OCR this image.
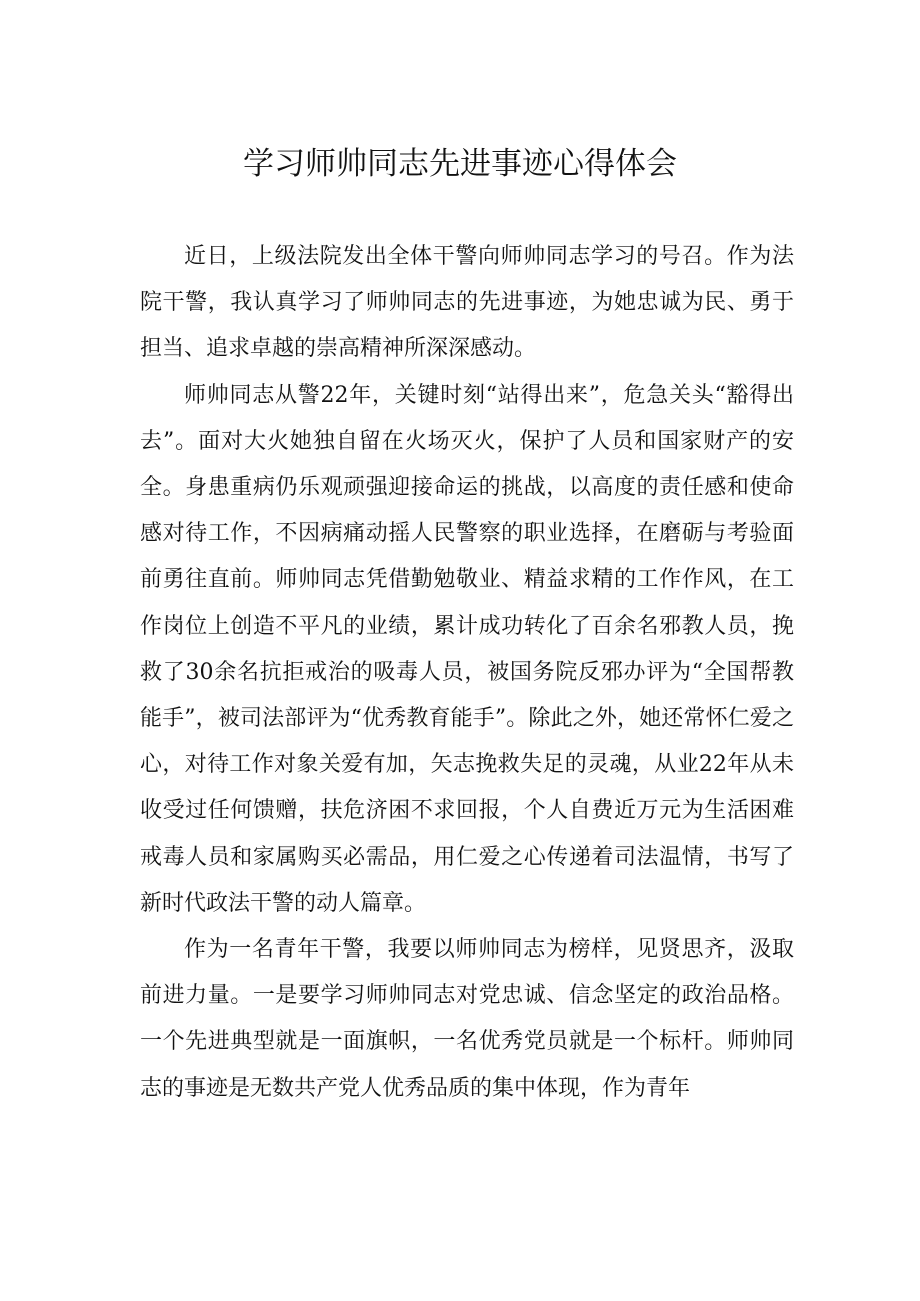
学习师帅同志先进事迹心得体会

近日，上级法院发出全体干警向师帅同志学习的号召。作为法院干警，我认真学习了师帅同志的先进事迹，为她忠诚为民、勇于担当、追求卓越的崇高精神所深深感动。

师帅同志从警22年，关键时刻“站得出来”，危急关头“豁得出去”。面对大火她独自留在火场灭火，保护了人员和国家财产的安全。身患重病仍乐观顽强迎接命运的挑战，以高度的责任感和使命感对待工作，不因病痛动摇人民警察的职业选择，在磨砺与考验面前勇往直前。师帅同志凭借勤勉敬业、精益求精的工作作风，在工作岗位上创造不平凡的业绩，累计成功转化了百余名邪教人员，挽救了30余名抗拒戒治的吸毒人员，被国务院反邪办评为“全国帮教能手”，被司法部评为“优秀教育能手”。除此之外，她还常怀仁爱之心，对待工作对象关爱有加，矢志挽救失足的灵魂，从业22年从未收受过任何馈赠，扶危济困不求回报，个人自费近万元为生活困难戒毒人员和家属购买必需品，用仁爱之心传递着司法温情，书写了新时代政法干警的动人篇章。

作为一名青年干警，我要以师帅同志为榜样，见贤思齐，汲取前进力量。一是要学习师帅同志对党忠诚、信念坚定的政治品格。一个先进典型就是一面旗帜，一名优秀党员就是一个标杆。师帅同志的事迹是无数共产党人优秀品质的集中体现，作为青年
